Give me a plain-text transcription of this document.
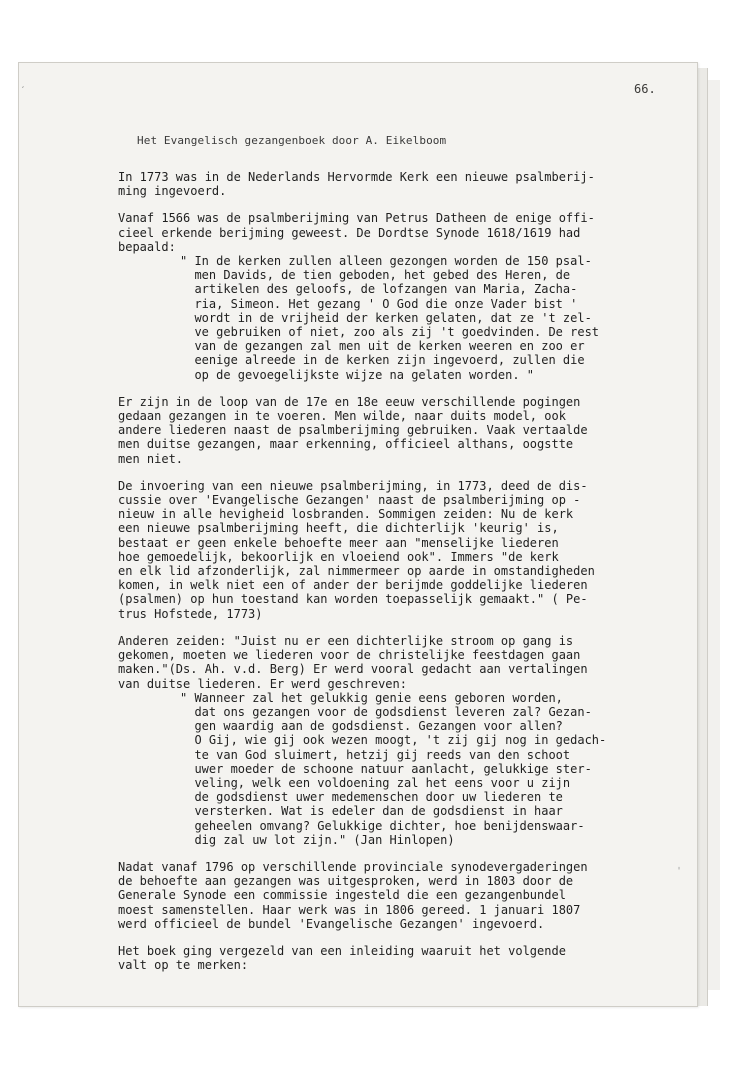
66.
Het Evangelisch gezangenboek door A. Eikelboom

In 1773 was in de Nederlands Hervormde Kerk een nieuwe psalmberij-
ming ingevoerd.

Vanaf 1566 was de psalmberijming van Petrus Datheen de enige offi-
cieel erkende berijming geweest. De Dordtse Synode 1618/1619 had
bepaald:

" In de kerken zullen alleen gezongen worden de 150 psal-
men Davids, de tien geboden, het gebed des Heren, de
artikelen des geloofs, de lofzangen van Maria, Zacha-
ria, Simeon. Het gezang ' O God die onze Vader bist '
wordt in de vrijheid der kerken gelaten, dat ze 't zel-
ve gebruiken of niet, zoo als zij 't goedvinden. De rest
van de gezangen zal men uit de kerken weeren en zoo er
eenige alreede in de kerken zijn ingevoerd, zullen die
op de gevoegelijkste wijze na gelaten worden. "

Er zijn in de loop van de 17e en 18e eeuw verschillende pogingen
gedaan gezangen in te voeren. Men wilde, naar duits model, ook
andere liederen naast de psalmberijming gebruiken. Vaak vertaalde
men duitse gezangen, maar erkenning, officieel althans, oogstte
men niet.

De invoering van een nieuwe psalmberijming, in 1773, deed de dis-
cussie over 'Evangelische Gezangen' naast de psalmberijming op -
nieuw in alle hevigheid losbranden. Sommigen zeiden: Nu de kerk
een nieuwe psalmberijming heeft, die dichterlijk 'keurig' is,
bestaat er geen enkele behoefte meer aan "menselijke liederen
hoe gemoedelijk, bekoorlijk en vloeiend ook". Immers "de kerk
en elk lid afzonderlijk, zal nimmermeer op aarde in omstandigheden
komen, in welk niet een of ander der berijmde goddelijke liederen
(psalmen) op hun toestand kan worden toepasselijk gemaakt." ( Pe-
trus Hofstede, 1773)

Anderen zeiden: "Juist nu er een dichterlijke stroom op gang is
gekomen, moeten we liederen voor de christelijke feestdagen gaan
maken."(Ds. Ah. v.d. Berg) Er werd vooral gedacht aan vertalingen
van duitse liederen. Er werd geschreven:

" Wanneer zal het gelukkig genie eens geboren worden,
dat ons gezangen voor de godsdienst leveren zal? Gezan-
gen waardig aan de godsdienst. Gezangen voor allen?
O Gij, wie gij ook wezen moogt, 't zij gij nog in gedach-
te van God sluimert, hetzij gij reeds van den schoot
uwer moeder de schoone natuur aanlacht, gelukkige ster-
veling, welk een voldoening zal het eens voor u zijn
de godsdienst uwer medemenschen door uw liederen te
versterken. Wat is edeler dan de godsdienst in haar
geheelen omvang? Gelukkige dichter, hoe benijdenswaar-
dig zal uw lot zijn." (Jan Hinlopen)

Nadat vanaf 1796 op verschillende provinciale synodevergaderingen
de behoefte aan gezangen was uitgesproken, werd in 1803 door de
Generale Synode een commissie ingesteld die een gezangenbundel
moest samenstellen. Haar werk was in 1806 gereed. 1 januari 1807
werd officieel de bundel 'Evangelische Gezangen' ingevoerd.

Het boek ging vergezeld van een inleiding waaruit het volgende
valt op te merken:

ˊ
ˌ
